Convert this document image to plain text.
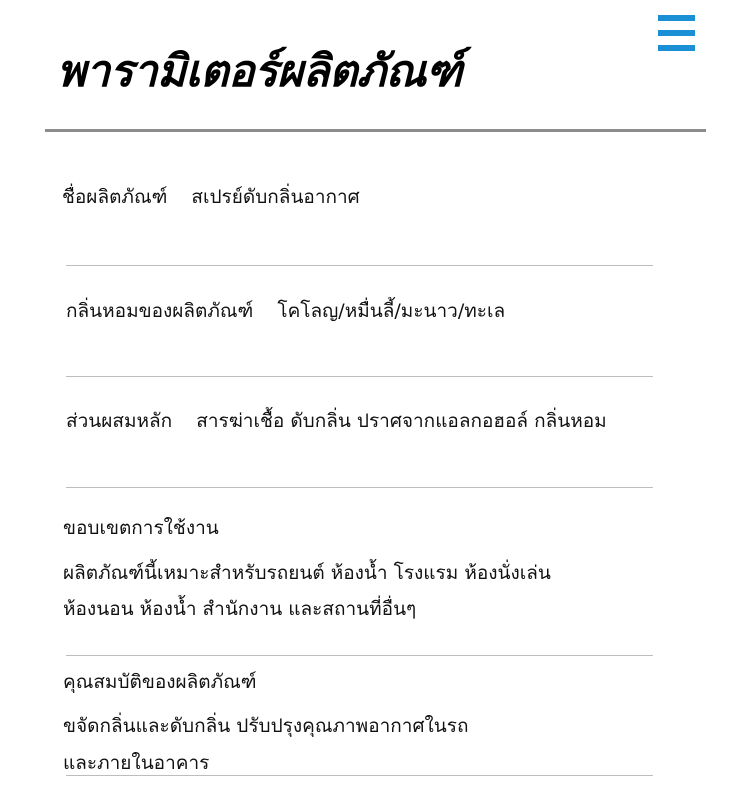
พารามิเตอร์ผลิตภัณฑ์
ชื่อผลิตภัณฑ์ สเปรย์ดับกลิ่นอากาศ
กลิ่นหอมของผลิตภัณฑ์ โคโลญ/หมื่นลี้/มะนาว/ทะเล
ส่วนผสมหลัก สารฆ่าเชื้อ ดับกลิ่น ปราศจากแอลกอฮอล์ กลิ่นหอม
ขอบเขตการใช้งาน
ผลิตภัณฑ์นี้เหมาะสำหรับรถยนต์ ห้องน้ำ โรงแรม ห้องนั่งเล่น
ห้องนอน ห้องน้ำ สำนักงาน และสถานที่อื่นๆ
คุณสมบัติของผลิตภัณฑ์
ขจัดกลิ่นและดับกลิ่น ปรับปรุงคุณภาพอากาศในรถ
และภายในอาคาร
